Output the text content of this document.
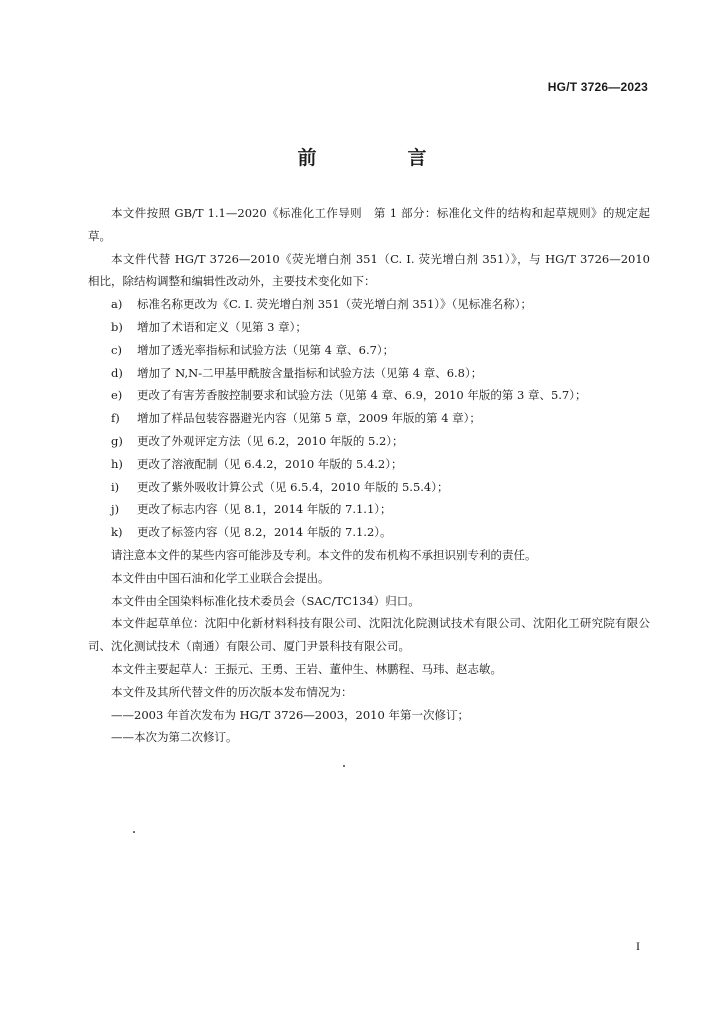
HG/T 3726—2023
前　言

本文件按照 GB/T 1.1—2020《标准化工作导则　第 1 部分：标准化文件的结构和起草规则》的规定起草。

本文件代替 HG/T 3726—2010《荧光增白剂 351（C. I. 荧光增白剂 351）》，与 HG/T 3726—2010 相比，除结构调整和编辑性改动外，主要技术变化如下：

a) 标准名称更改为《C. I. 荧光增白剂 351（荧光增白剂 351）》（见标准名称）；

b) 增加了术语和定义（见第 3 章）；

c) 增加了透光率指标和试验方法（见第 4 章、6.7）；

d) 增加了 N,N-二甲基甲酰胺含量指标和试验方法（见第 4 章、6.8）；

e) 更改了有害芳香胺控制要求和试验方法（见第 4 章、6.9，2010 年版的第 3 章、5.7）；

f) 增加了样品包装容器避光内容（见第 5 章，2009 年版的第 4 章）；

g) 更改了外观评定方法（见 6.2，2010 年版的 5.2）；

h) 更改了溶液配制（见 6.4.2，2010 年版的 5.4.2）；

i) 更改了紫外吸收计算公式（见 6.5.4，2010 年版的 5.5.4）；

j) 更改了标志内容（见 8.1，2014 年版的 7.1.1）；

k) 更改了标签内容（见 8.2，2014 年版的 7.1.2）。

请注意本文件的某些内容可能涉及专利。本文件的发布机构不承担识别专利的责任。

本文件由中国石油和化学工业联合会提出。

本文件由全国染料标准化技术委员会（SAC/TC134）归口。

本文件起草单位：沈阳中化新材料科技有限公司、沈阳沈化院测试技术有限公司、沈阳化工研究院有限公司、沈化测试技术（南通）有限公司、厦门尹景科技有限公司。

本文件主要起草人：王振元、王勇、王岩、董仲生、林鹏程、马玮、赵志敏。

本文件及其所代替文件的历次版本发布情况为：

——2003 年首次发布为 HG/T 3726—2003，2010 年第一次修订；

——本次为第二次修订。

I
